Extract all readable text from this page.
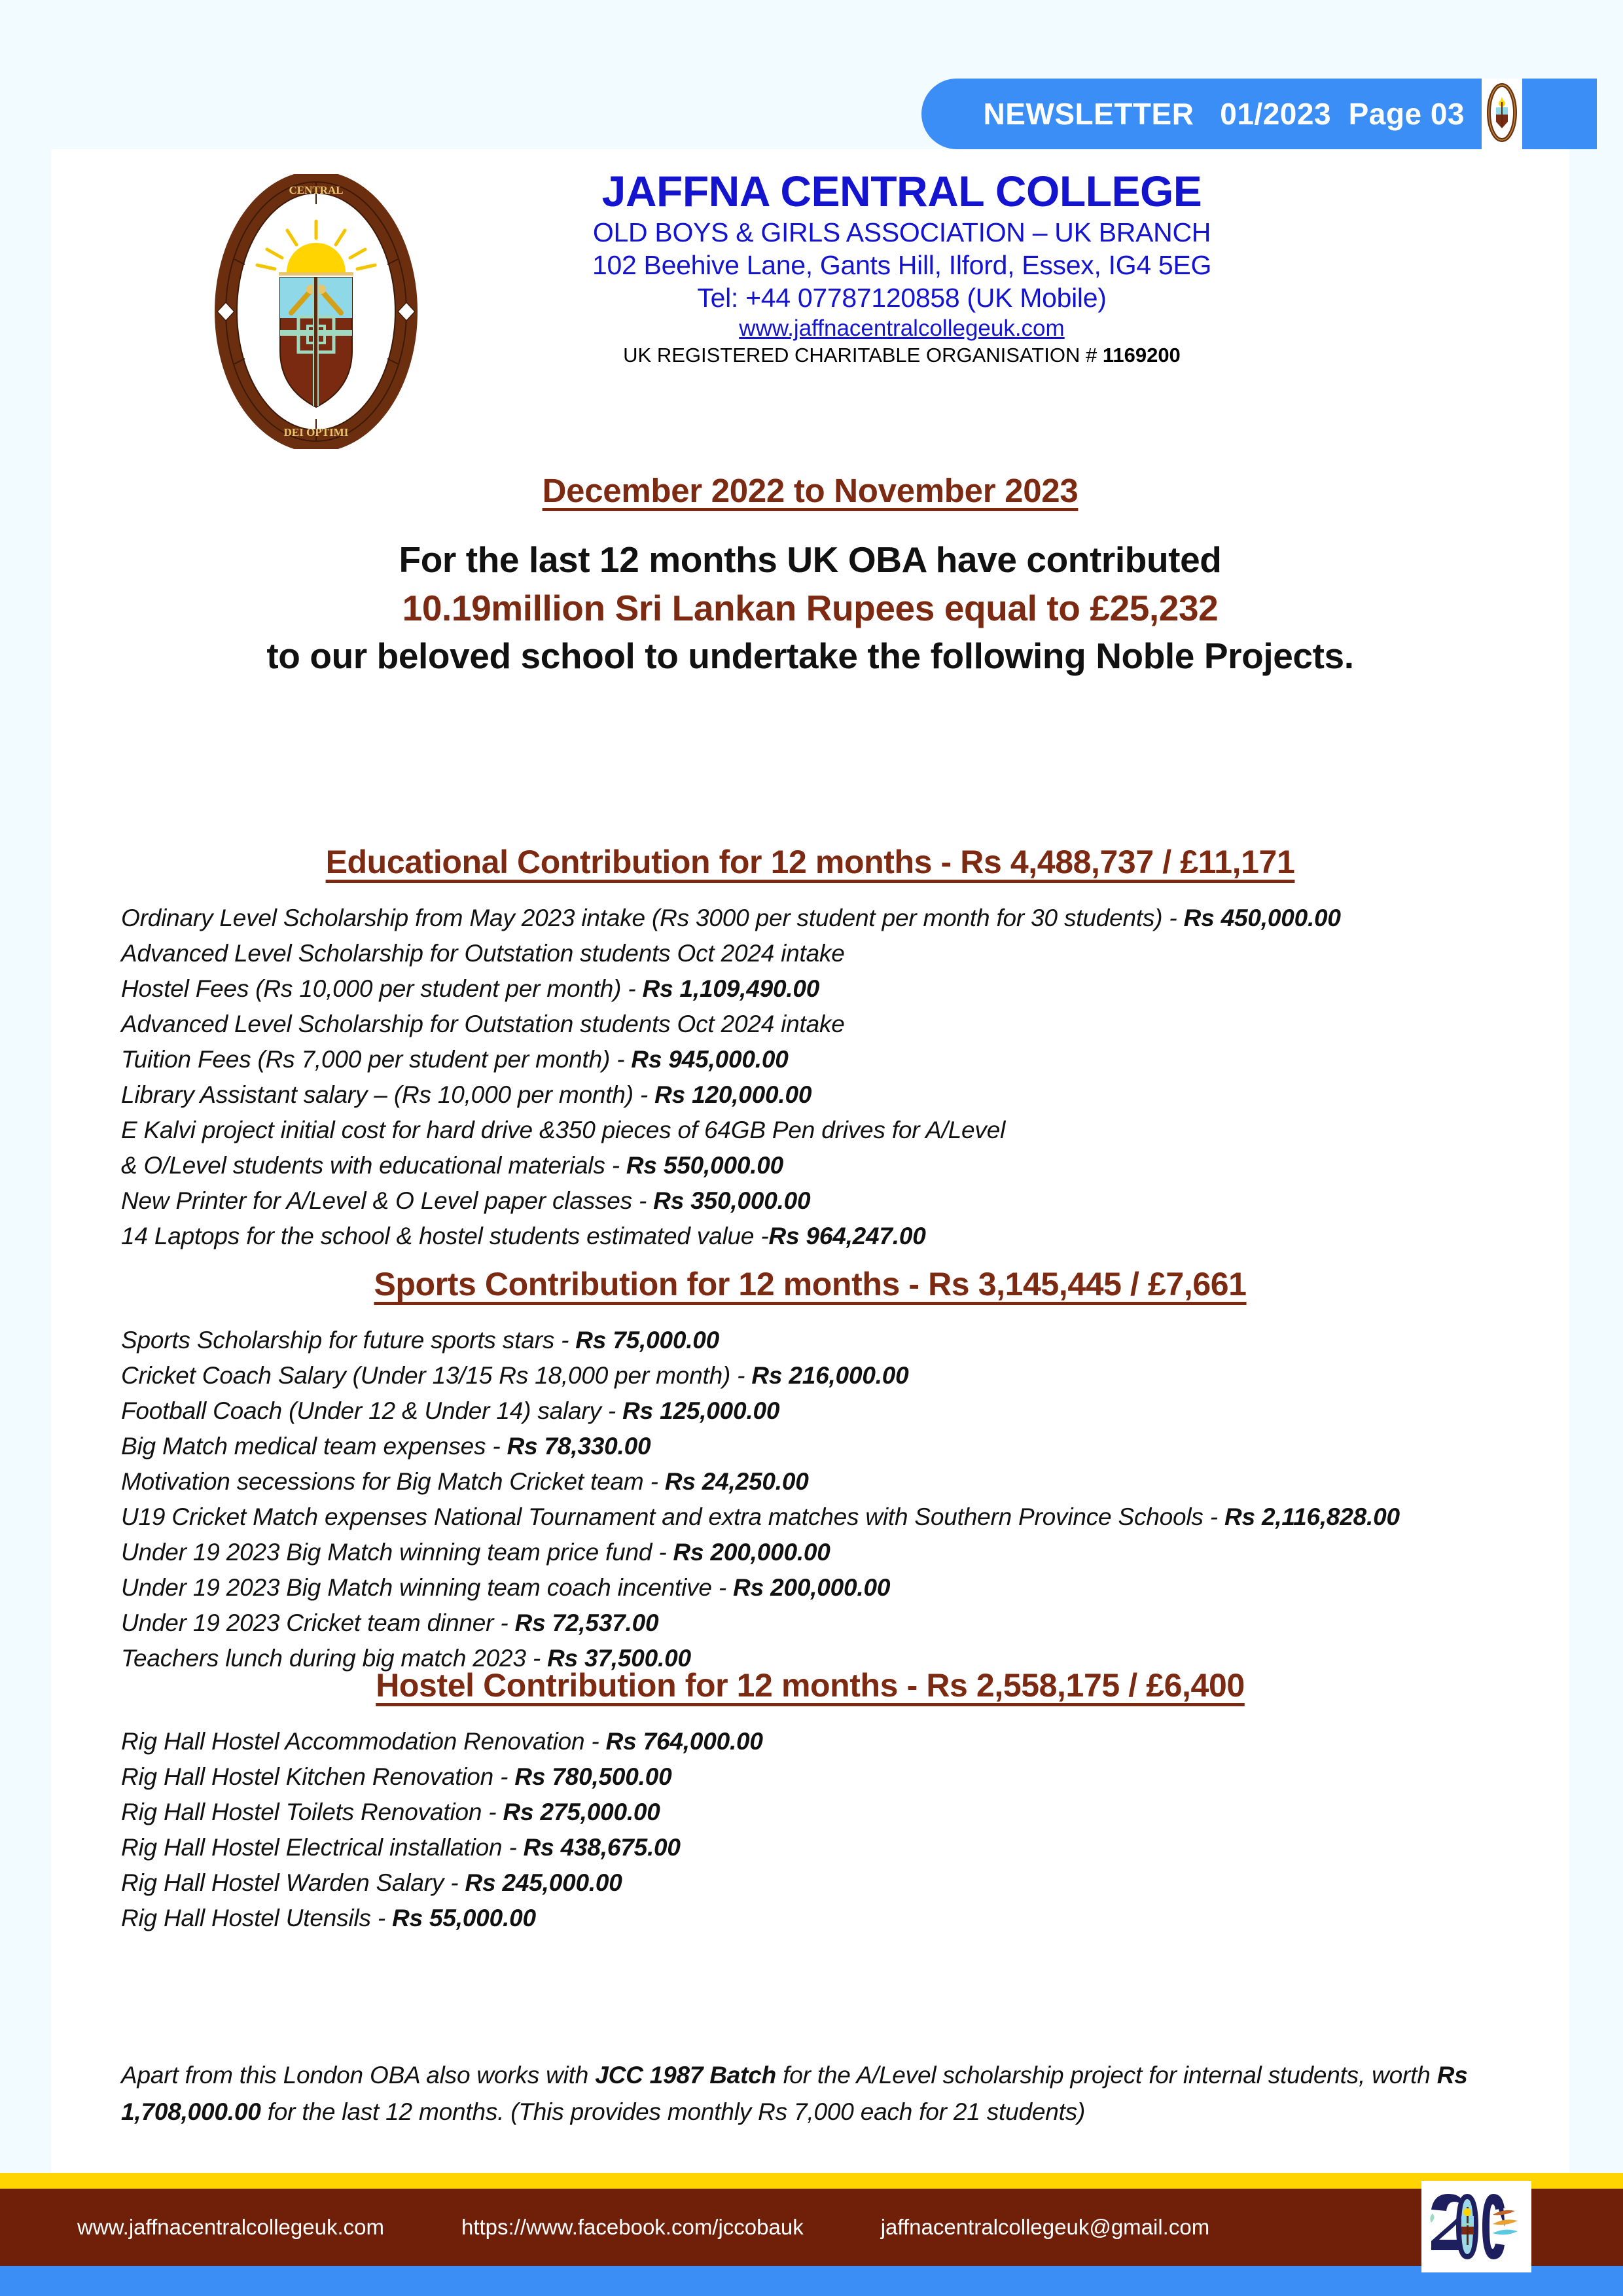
NEWSLETTER   01/2023  Page 03
CENTRAL
DEI OPTIMI
JAFFNA CENTRAL COLLEGE
OLD BOYS & GIRLS ASSOCIATION – UK BRANCH
102 Beehive Lane, Gants Hill, Ilford, Essex, IG4 5EG
Tel: +44 07787120858 (UK Mobile)
www.jaffnacentralcollegeuk.com
UK REGISTERED CHARITABLE ORGANISATION # 1169200
December 2022 to November 2023
For the last 12 months UK OBA have contributed
10.19million Sri Lankan Rupees equal to £25,232
to our beloved school to undertake the following Noble Projects.
Educational Contribution for 12 months - Rs 4,488,737 / £11,171
Ordinary Level Scholarship from May 2023 intake (Rs 3000 per student per month for 30 students) - Rs 450,000.00
Advanced Level Scholarship for Outstation students Oct 2024 intake
Hostel Fees (Rs 10,000 per student per month) - Rs 1,109,490.00
Advanced Level Scholarship for Outstation students Oct 2024 intake
Tuition Fees (Rs 7,000 per student per month) - Rs 945,000.00
Library Assistant salary – (Rs 10,000 per month) - Rs 120,000.00
E Kalvi project initial cost for hard drive &350 pieces of 64GB Pen drives for A/Level
& O/Level students with educational materials - Rs 550,000.00
New Printer for A/Level & O Level paper classes - Rs 350,000.00
14 Laptops for the school & hostel students estimated value -Rs 964,247.00
Sports Contribution for 12 months - Rs 3,145,445 / £7,661
Sports Scholarship for future sports stars - Rs 75,000.00
Cricket Coach Salary (Under 13/15 Rs 18,000 per month) - Rs 216,000.00
Football Coach (Under 12 & Under 14) salary - Rs 125,000.00
Big Match medical team expenses - Rs 78,330.00
Motivation secessions for Big Match Cricket team - Rs 24,250.00
U19 Cricket Match expenses National Tournament and extra matches with Southern Province Schools - Rs 2,116,828.00
Under 19 2023 Big Match winning team price fund - Rs 200,000.00
Under 19 2023 Big Match winning team coach incentive - Rs 200,000.00
Under 19 2023 Cricket team dinner - Rs 72,537.00
Teachers lunch during big match 2023 - Rs 37,500.00
Hostel Contribution for 12 months - Rs 2,558,175 / £6,400
Rig Hall Hostel Accommodation Renovation - Rs 764,000.00
Rig Hall Hostel Kitchen Renovation - Rs 780,500.00
Rig Hall Hostel Toilets Renovation - Rs 275,000.00
Rig Hall Hostel Electrical installation - Rs 438,675.00
Rig Hall Hostel Warden Salary - Rs 245,000.00
Rig Hall Hostel Utensils - Rs 55,000.00
Apart from this London OBA also works with JCC 1987 Batch for the A/Level scholarship project for internal students, worth Rs 1,708,000.00 for the last 12 months. (This provides monthly Rs 7,000 each for 21 students)
www.jaffnacentralcollegeuk.com	https://www.facebook.com/jccobauk	jaffnacentralcollegeuk@gmail.com
